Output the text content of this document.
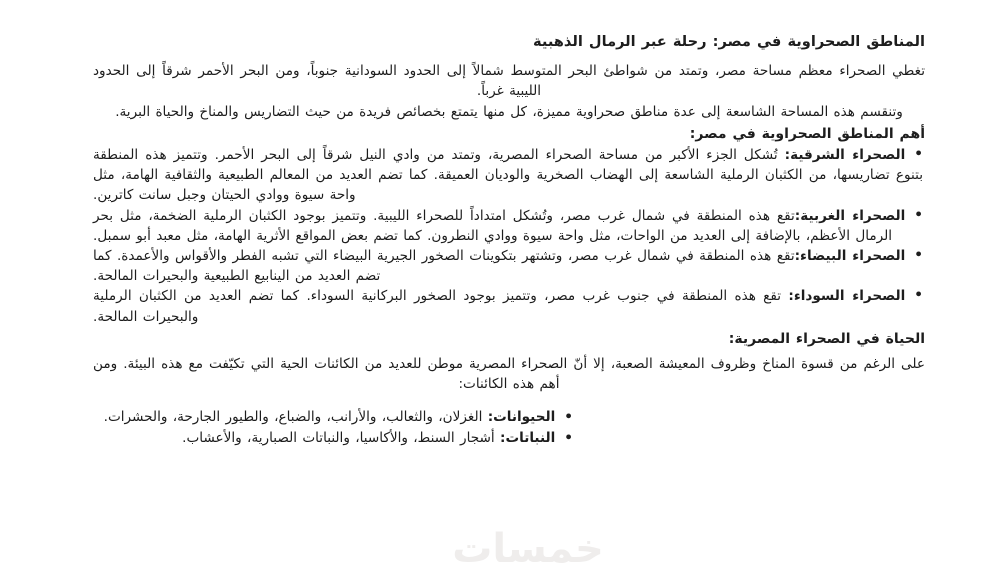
المناطق الصحراوية في مصر: رحلة عبر الرمال الذهبية

تغطي الصحراء معظم مساحة مصر، وتمتد من شواطئ البحر المتوسط شمالاً إلى الحدود السودانية جنوباً، ومن البحر الأحمر شرقاً إلى الحدود الليبية غرباً.

وتنقسم هذه المساحة الشاسعة إلى عدة مناطق صحراوية مميزة، كل منها يتمتع بخصائص فريدة من حيث التضاريس والمناخ والحياة البرية.

أهم المناطق الصحراوية في مصر:
• الصحراء الشرقية: تُشكل الجزء الأكبر من مساحة الصحراء المصرية، وتمتد من وادي النيل شرقاً إلى البحر الأحمر. وتتميز هذه المنطقة بتنوع تضاريسها، من الكثبان الرملية الشاسعة إلى الهضاب الصخرية والوديان العميقة. كما تضم العديد من المعالم الطبيعية والثقافية الهامة، مثل واحة سيوة ووادي الحيتان وجبل سانت كاترين.
• الصحراء الغربية:تقع هذه المنطقة في شمال غرب مصر، وتُشكل امتداداً للصحراء الليبية. وتتميز بوجود الكثبان الرملية الضخمة، مثل بحر الرمال الأعظم، بالإضافة إلى العديد من الواحات، مثل واحة سيوة ووادي النطرون. كما تضم بعض المواقع الأثرية الهامة، مثل معبد أبو سمبل.
• الصحراء البيضاء:تقع هذه المنطقة في شمال غرب مصر، وتشتهر بتكوينات الصخور الجيرية البيضاء التي تشبه الفطر والأقواس والأعمدة. كما تضم العديد من الينابيع الطبيعية والبحيرات المالحة.
• الصحراء السوداء: تقع هذه المنطقة في جنوب غرب مصر، وتتميز بوجود الصخور البركانية السوداء. كما تضم العديد من الكثبان الرملية والبحيرات المالحة.
الحياة في الصحراء المصرية:

على الرغم من قسوة المناخ وظروف المعيشة الصعبة، إلا أنّ الصحراء المصرية موطن للعديد من الكائنات الحية التي تكيّفت مع هذه البيئة. ومن أهم هذه الكائنات:

• الحيوانات: الغزلان، والثعالب، والأرانب، والضباع، والطيور الجارحة، والحشرات.
• النباتات: أشجار السنط، والأكاسيا، والنباتات الصبارية، والأعشاب.
خمسات
